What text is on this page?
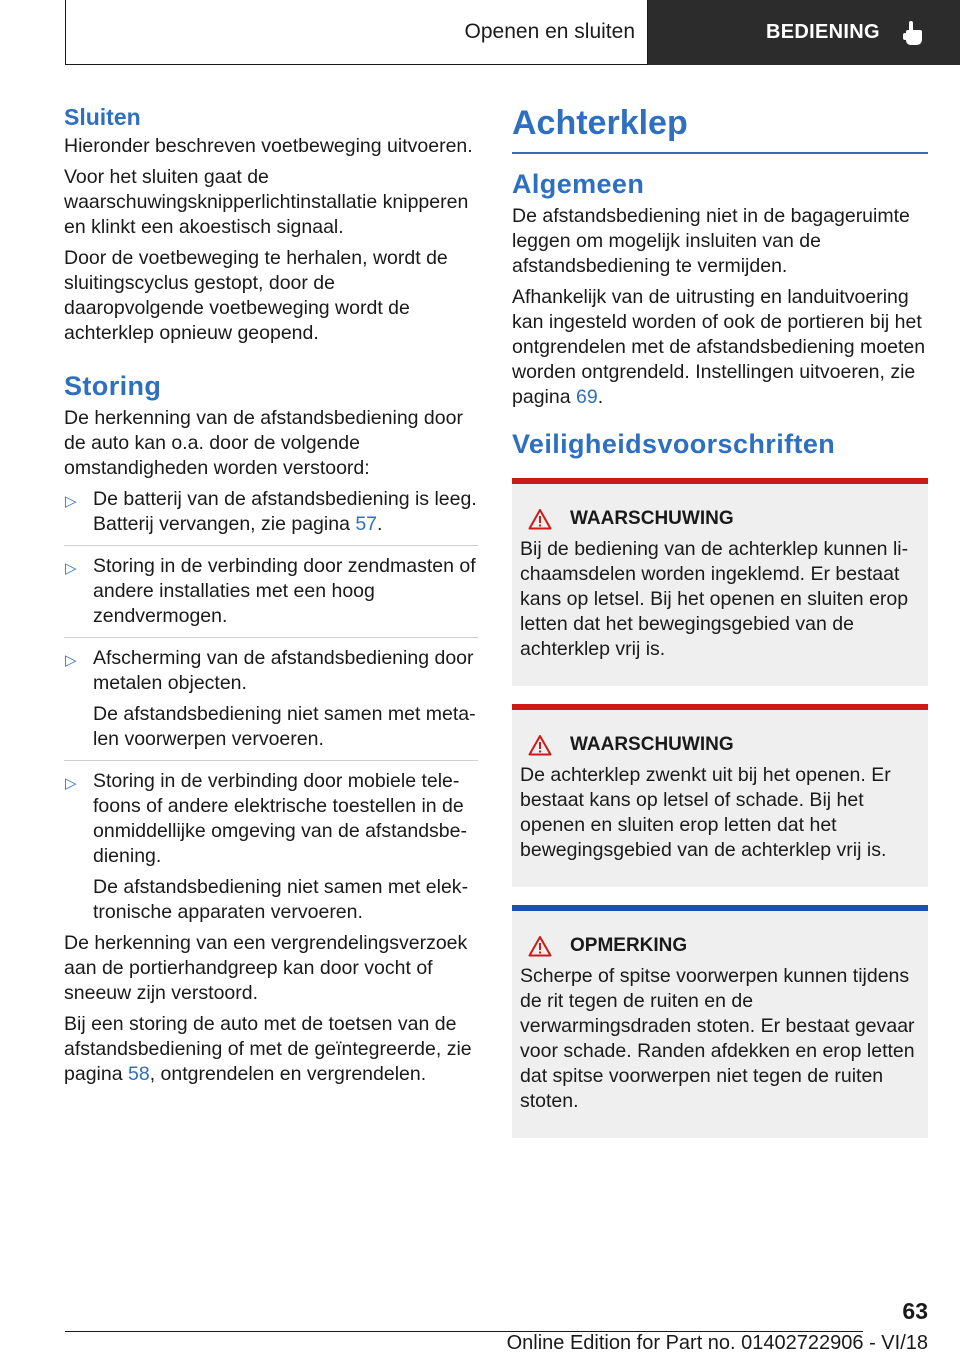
Openen en sluiten	BEDIENING
Sluiten

Hieronder beschreven voetbeweging uitvoeren.

Voor het sluiten gaat de waarschuwingsknipperlichtinstallatie knipperen en klinkt een akoestisch signaal.

Door de voetbeweging te herhalen, wordt de sluitingscyclus gestopt, door de daaropvolgende voetbeweging wordt de achterklep opnieuw geopend.

Storing

De herkenning van de afstandsbediening door de auto kan o.a. door de volgende omstandigheden worden verstoord:

▷ De batterij van de afstandsbediening is leeg. Batterij vervangen, zie pagina 57.
▷ Storing in de verbinding door zendmasten of andere installaties met een hoog zendvermogen.
▷ Afscherming van de afstandsbediening door metalen objecten.

De afstandsbediening niet samen met metalen voorwerpen vervoeren.

▷ Storing in de verbinding door mobiele telefoons of andere elektrische toestellen in de onmiddellijke omgeving van de afstandsbediening.

De afstandsbediening niet samen met elektronische apparaten vervoeren.

De herkenning van een vergrendelingsverzoek aan de portierhandgreep kan door vocht of sneeuw zijn verstoord.

Bij een storing de auto met de toetsen van de afstandsbediening of met de geïntegreerde, zie pagina 58, ontgrendelen en vergrendelen.

Achterklep
Algemeen

De afstandsbediening niet in de bagageruimte leggen om mogelijk insluiten van de afstandsbediening te vermijden.

Afhankelijk van de uitrusting en landuitvoering kan ingesteld worden of ook de portieren bij het ontgrendelen met de afstandsbediening moeten worden ontgrendeld. Instellingen uitvoeren, zie pagina 69.

Veiligheidsvoorschriften
WAARSCHUWING

Bij de bediening van de achterklep kunnen lichaamsdelen worden ingeklemd. Er bestaat kans op letsel. Bij het openen en sluiten erop letten dat het bewegingsgebied van de achterklep vrij is.

WAARSCHUWING

De achterklep zwenkt uit bij het openen. Er bestaat kans op letsel of schade. Bij het openen en sluiten erop letten dat het bewegingsgebied van de achterklep vrij is.

OPMERKING

Scherpe of spitse voorwerpen kunnen tijdens de rit tegen de ruiten en de verwarmingsdraden stoten. Er bestaat gevaar voor schade. Randen afdekken en erop letten dat spitse voorwerpen niet tegen de ruiten stoten.

63
Online Edition for Part no. 01402722906 - VI/18
